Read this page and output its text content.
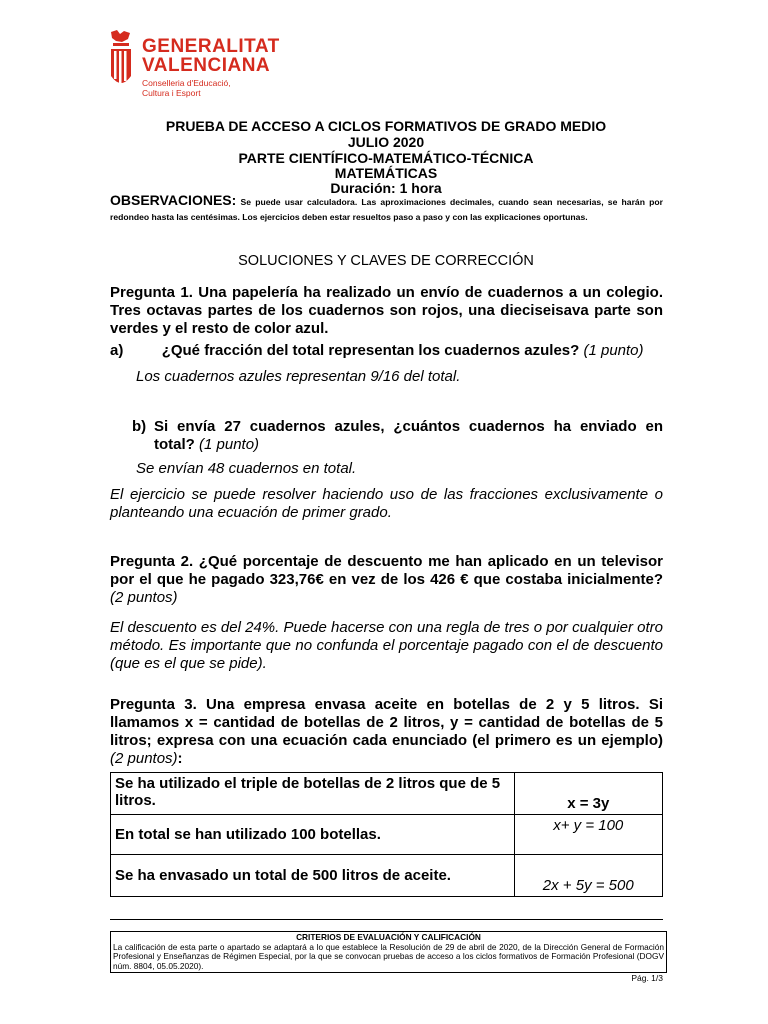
GENERALITAT
VALENCIANA
Conselleria d'Educació,
Cultura i Esport
PRUEBA DE ACCESO A CICLOS FORMATIVOS DE GRADO MEDIO
JULIO 2020
PARTE CIENTÍFICO-MATEMÁTICO-TÉCNICA
MATEMÁTICAS
Duración: 1 hora
OBSERVACIONES: Se puede usar calculadora. Las aproximaciones decimales, cuando sean necesarias, se harán por redondeo hasta las centésimas. Los ejercicios deben estar resueltos paso a paso y con las explicaciones oportunas.
SOLUCIONES Y CLAVES DE CORRECCIÓN
Pregunta 1. Una papelería ha realizado un envío de cuadernos a un colegio. Tres octavas partes de los cuadernos son rojos, una dieciseisava parte son verdes y el resto de color azul.
a)	¿Qué fracción del total representan los cuadernos azules? (1 punto)
Los cuadernos azules representan 9/16 del total.
b) Si envía 27 cuadernos azules, ¿cuántos cuadernos ha enviado en total? (1 punto)
Se envían 48 cuadernos en total.
El ejercicio se puede resolver haciendo uso de las fracciones exclusivamente o planteando una ecuación de primer grado.
Pregunta 2. ¿Qué porcentaje de descuento me han aplicado en un televisor por el que he pagado 323,76€ en vez de los 426 € que costaba inicialmente? (2 puntos)
El descuento es del 24%. Puede hacerse con una regla de tres o por cualquier otro método. Es importante que no confunda el porcentaje pagado con el de descuento (que es el que se pide).
Pregunta 3. Una empresa envasa aceite en botellas de 2 y 5 litros. Si llamamos x = cantidad de botellas de 2 litros, y = cantidad de botellas de 5 litros; expresa con una ecuación cada enunciado (el primero es un ejemplo) (2 puntos):
Se ha utilizado el triple de botellas de 2 litros que de 5 litros.	x = 3y
En total se han utilizado 100 botellas.	x+ y = 100
Se ha envasado un total de 500 litros de aceite.	2x + 5y = 500
CRITERIOS DE EVALUACIÓN Y CALIFICACIÓN
La calificación de esta parte o apartado se adaptará a lo que establece la Resolución de 29 de abril de 2020, de la Dirección General de Formación Profesional y Enseñanzas de Régimen Especial, por la que se convocan pruebas de acceso a los ciclos formativos de Formación Profesional (DOGV núm. 8804, 05.05.2020).
Pág. 1/3
